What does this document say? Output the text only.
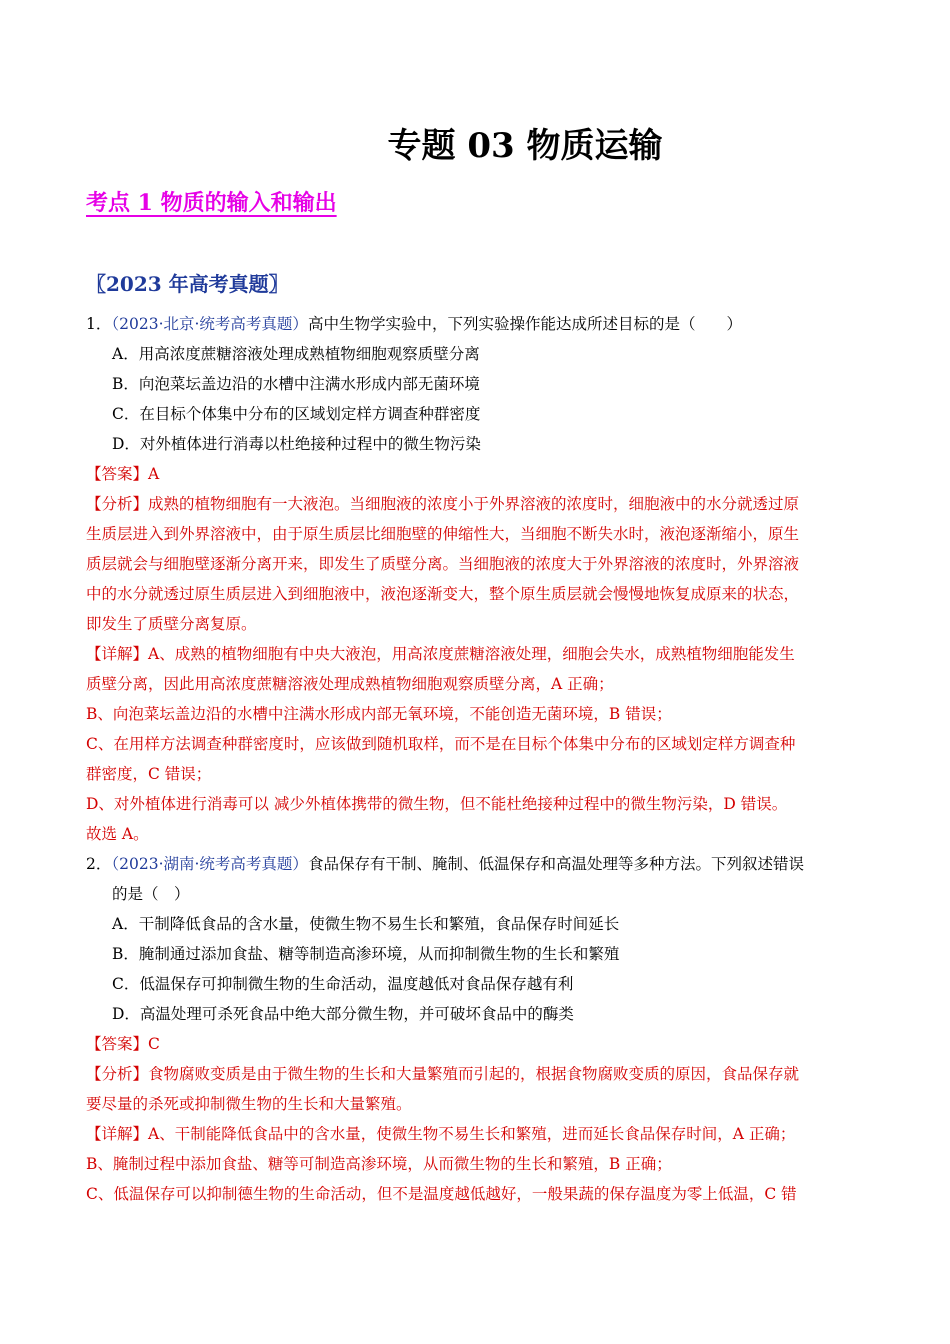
专题 03 物质运输
考点 1 物质的输入和输出
〖2023 年高考真题〗
1．（2023·北京·统考高考真题）高中生物学实验中，下列实验操作能达成所述目标的是（　　）
A．用高浓度蔗糖溶液处理成熟植物细胞观察质壁分离
B．向泡菜坛盖边沿的水槽中注满水形成内部无菌环境
C．在目标个体集中分布的区域划定样方调查种群密度
D．对外植体进行消毒以杜绝接种过程中的微生物污染
【答案】A
【分析】成熟的植物细胞有一大液泡。当细胞液的浓度小于外界溶液的浓度时，细胞液中的水分就透过原
生质层进入到外界溶液中，由于原生质层比细胞壁的伸缩性大，当细胞不断失水时，液泡逐渐缩小，原生
质层就会与细胞壁逐渐分离开来，即发生了质壁分离。当细胞液的浓度大于外界溶液的浓度时，外界溶液
中的水分就透过原生质层进入到细胞液中，液泡逐渐变大，整个原生质层就会慢慢地恢复成原来的状态，
即发生了质壁分离复原。
【详解】A、成熟的植物细胞有中央大液泡，用高浓度蔗糖溶液处理，细胞会失水，成熟植物细胞能发生
质壁分离，因此用高浓度蔗糖溶液处理成熟植物细胞观察质壁分离，A 正确；
B、向泡菜坛盖边沿的水槽中注满水形成内部无氧环境，不能创造无菌环境，B 错误；
C、在用样方法调查种群密度时，应该做到随机取样，而不是在目标个体集中分布的区域划定样方调查种
群密度，C 错误；
D、对外植体进行消毒可以 减少外植体携带的微生物，但不能杜绝接种过程中的微生物污染，D 错误。
故选 A。
2．（2023·湖南·统考高考真题）食品保存有干制、腌制、低温保存和高温处理等多种方法。下列叙述错误
的是（　）
A．干制降低食品的含水量，使微生物不易生长和繁殖，食品保存时间延长
B．腌制通过添加食盐、糖等制造高渗环境，从而抑制微生物的生长和繁殖
C．低温保存可抑制微生物的生命活动，温度越低对食品保存越有利
D．高温处理可杀死食品中绝大部分微生物，并可破坏食品中的酶类
【答案】C
【分析】食物腐败变质是由于微生物的生长和大量繁殖而引起的，根据食物腐败变质的原因，食品保存就
要尽量的杀死或抑制微生物的生长和大量繁殖。
【详解】A、干制能降低食品中的含水量，使微生物不易生长和繁殖，进而延长食品保存时间，A 正确；
B、腌制过程中添加食盐、糖等可制造高渗环境，从而微生物的生长和繁殖，B 正确；
C、低温保存可以抑制德生物的生命活动，但不是温度越低越好，一般果蔬的保存温度为零上低温，C 错
